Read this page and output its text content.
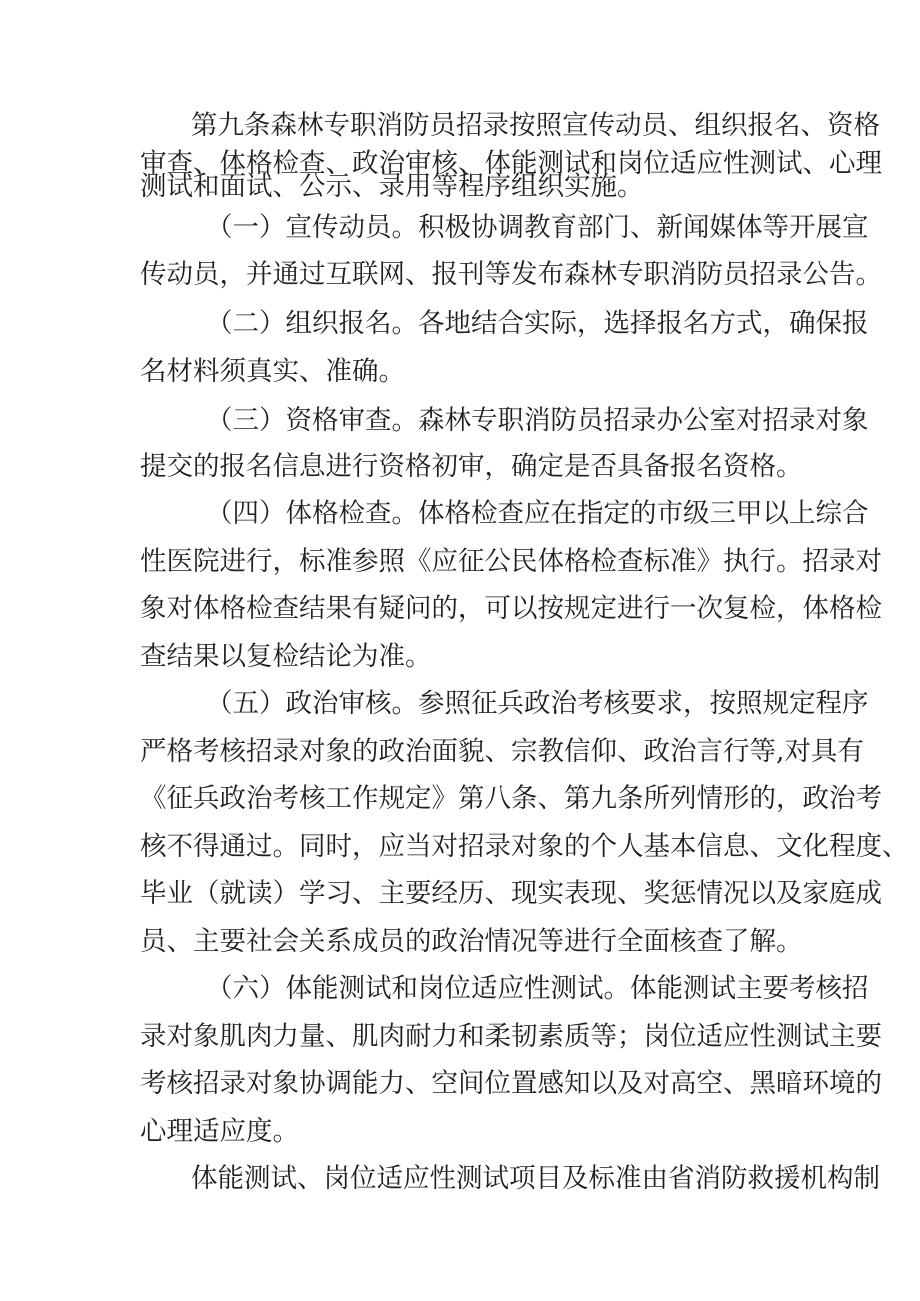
第九条森林专职消防员招录按照宣传动员、组织报名、资格
审查、体格检查、政治审核、体能测试和岗位适应性测试、心理
测试和面试、公示、录用等程序组织实施。
（一）宣传动员。积极协调教育部门、新闻媒体等开展宣
传动员，并通过互联网、报刊等发布森林专职消防员招录公告。
（二）组织报名。各地结合实际，选择报名方式，确保报
名材料须真实、准确。
（三）资格审查。森林专职消防员招录办公室对招录对象
提交的报名信息进行资格初审，确定是否具备报名资格。
（四）体格检查。体格检查应在指定的市级三甲以上综合
性医院进行，标准参照《应征公民体格检查标准》执行。招录对
象对体格检查结果有疑问的，可以按规定进行一次复检，体格检
查结果以复检结论为准。
（五）政治审核。参照征兵政治考核要求，按照规定程序
严格考核招录对象的政治面貌、宗教信仰、政治言行等,对具有
《征兵政治考核工作规定》第八条、第九条所列情形的，政治考
核不得通过。同时，应当对招录对象的个人基本信息、文化程度、
毕业（就读）学习、主要经历、现实表现、奖惩情况以及家庭成
员、主要社会关系成员的政治情况等进行全面核查了解。
（六）体能测试和岗位适应性测试。体能测试主要考核招
录对象肌肉力量、肌肉耐力和柔韧素质等；岗位适应性测试主要
考核招录对象协调能力、空间位置感知以及对高空、黑暗环境的
心理适应度。
体能测试、岗位适应性测试项目及标准由省消防救援机构制
